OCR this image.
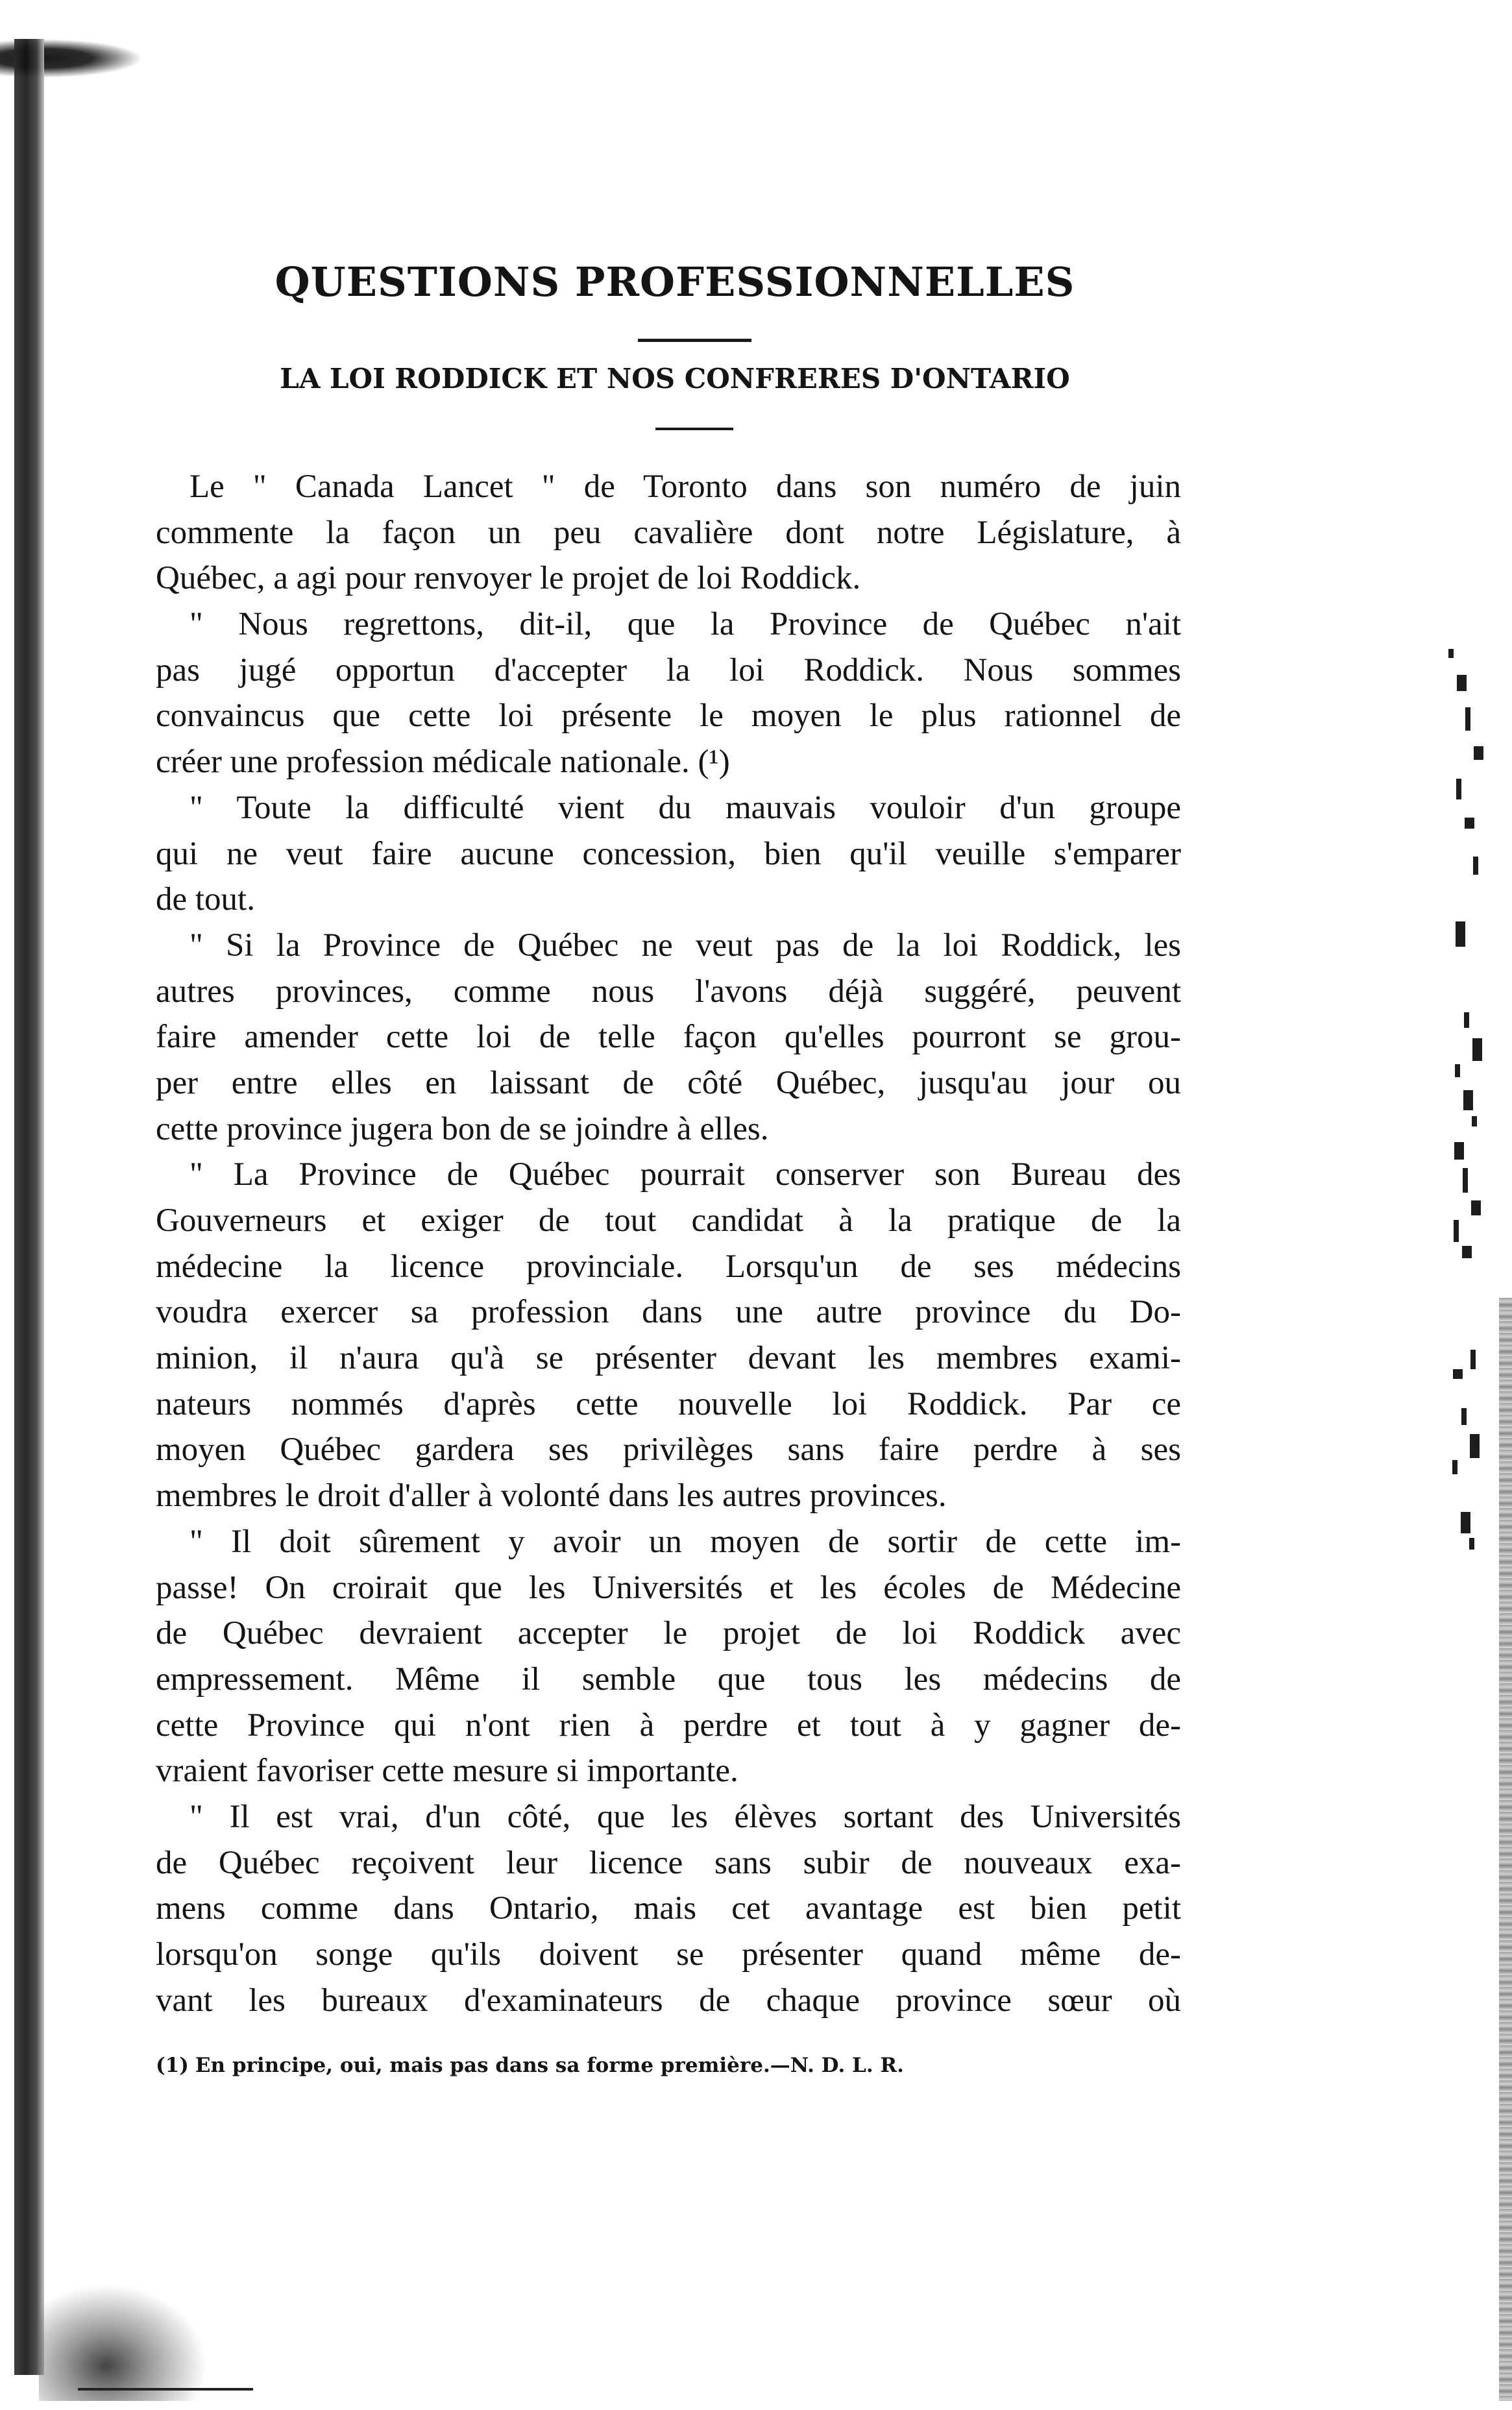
QUESTIONS PROFESSIONNELLES
LA LOI RODDICK ET NOS CONFRERES D'ONTARIO
Le " Canada Lancet " de Toronto dans son numéro de juin
commente la façon un peu cavalière dont notre Législature, à
Québec, a agi pour renvoyer le projet de loi Roddick.
" Nous regrettons, dit-il, que la Province de Québec n'ait
pas jugé opportun d'accepter la loi Roddick. Nous sommes
convaincus que cette loi présente le moyen le plus rationnel de
créer une profession médicale nationale. (¹)
" Toute la difficulté vient du mauvais vouloir d'un groupe
qui ne veut faire aucune concession, bien qu'il veuille s'emparer
de tout.
" Si la Province de Québec ne veut pas de la loi Roddick, les
autres provinces, comme nous l'avons déjà suggéré, peuvent
faire amender cette loi de telle façon qu'elles pourront se grou-
per entre elles en laissant de côté Québec, jusqu'au jour ou
cette province jugera bon de se joindre à elles.
" La Province de Québec pourrait conserver son Bureau des
Gouverneurs et exiger de tout candidat à la pratique de la
médecine la licence provinciale. Lorsqu'un de ses médecins
voudra exercer sa profession dans une autre province du Do-
minion, il n'aura qu'à se présenter devant les membres exami-
nateurs nommés d'après cette nouvelle loi Roddick. Par ce
moyen Québec gardera ses privilèges sans faire perdre à ses
membres le droit d'aller à volonté dans les autres provinces.
" Il doit sûrement y avoir un moyen de sortir de cette im-
passe! On croirait que les Universités et les écoles de Médecine
de Québec devraient accepter le projet de loi Roddick avec
empressement. Même il semble que tous les médecins de
cette Province qui n'ont rien à perdre et tout à y gagner de-
vraient favoriser cette mesure si importante.
" Il est vrai, d'un côté, que les élèves sortant des Universités
de Québec reçoivent leur licence sans subir de nouveaux exa-
mens comme dans Ontario, mais cet avantage est bien petit
lorsqu'on songe qu'ils doivent se présenter quand même de-
vant les bureaux d'examinateurs de chaque province sœur où
(1) En principe, oui, mais pas dans sa forme première.—N. D. L. R.
